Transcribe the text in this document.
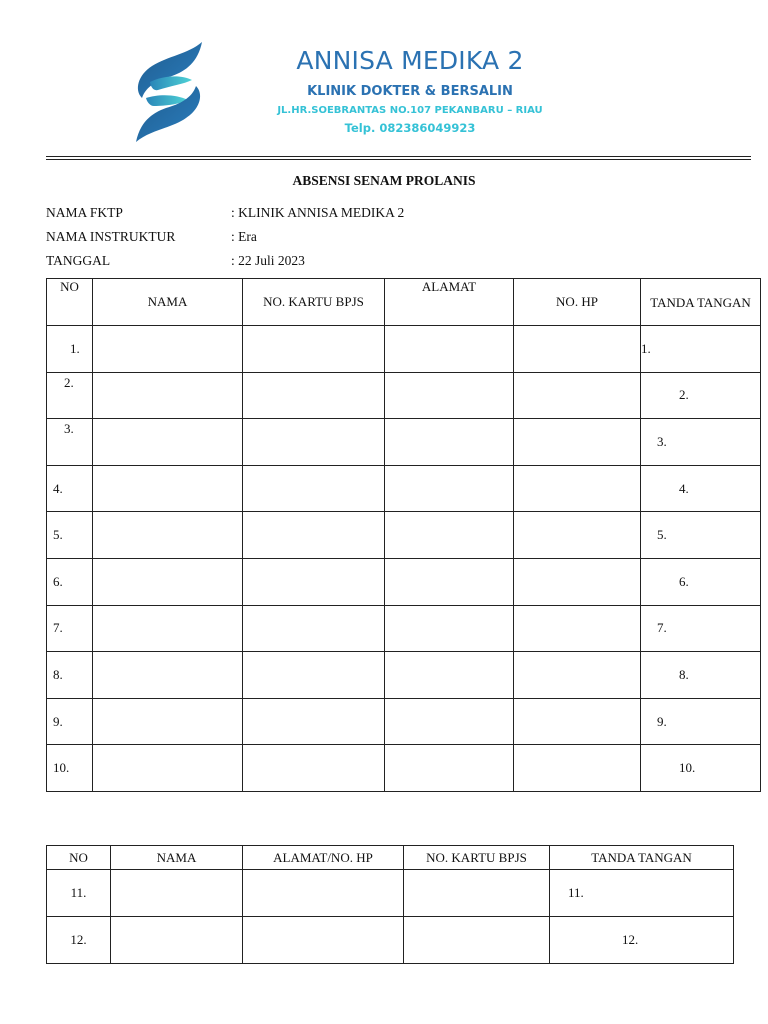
ANNISA MEDIKA 2
KLINIK DOKTER & BERSALIN
JL.HR.SOEBRANTAS NO.107 PEKANBARU – RIAU
Telp. 082386049923
ABSENSI SENAM PROLANIS
NAMA FKTP	: KLINIK ANNISA MEDIKA 2
NAMA INSTRUKTUR	: Era
TANGGAL	: 22 Juli 2023
NO	NAMA	NO. KARTU BPJS	ALAMAT	NO. HP	TANDA TANGAN

1.					1.

2.					2.

3.					3.

4.					4.

5.					5.

6.					6.

7.					7.

8.					8.

9.					9.

10.					10.
NO	NAMA	ALAMAT/NO. HP	NO. KARTU BPJS	TANDA TANGAN
11.				11.

12.				12.
